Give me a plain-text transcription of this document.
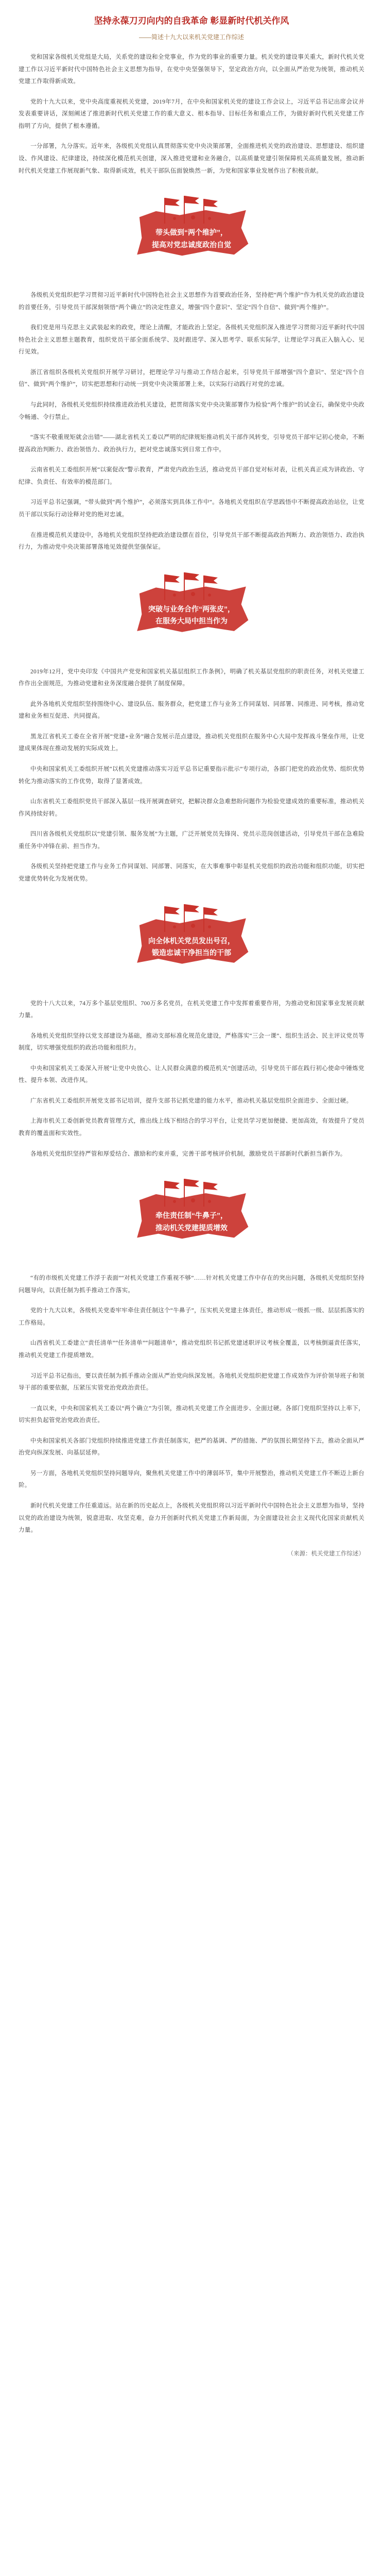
坚持永葆刀刃向内的自我革命 彰显新时代机关作风
——简述十九大以来机关党建工作综述

党和国家各级机关党组是大局，关系党的建设和全党事业，作为党的事业的重要力量。机关党的建设事关重大，新时代机关党建工作以习近平新时代中国特色社会主义思想为指导，在党中央坚强领导下，坚定政治方向，以全面从严治党为统领，推动机关党建工作取得新成效。

党的十九大以来，党中央高度重视机关党建，2019年7月，在中央和国家机关党的建设工作会议上，习近平总书记出席会议并发表重要讲话，深刻阐述了推进新时代机关党建工作的重大意义、根本指导、目标任务和重点工作，为做好新时代机关党建工作指明了方向，提供了根本遵循。

一分部署，九分落实。近年来，各级机关党组认真贯彻落实党中央决策部署，全面推进机关党的政治建设、思想建设、组织建设、作风建设、纪律建设，持续深化模范机关创建，深入推进党建和业务融合，以高质量党建引领保障机关高质量发展，推动新时代机关党建工作展现新气象、取得新成效，机关干部队伍面貌焕然一新，为党和国家事业发展作出了积极贡献。

带头做到“两个维护”，
提高对党忠诚度政治自觉

各级机关党组织把学习贯彻习近平新时代中国特色社会主义思想作为首要政治任务，坚持把“两个维护”作为机关党的政治建设的首要任务，引导党员干部深刻领悟“两个确立”的决定性意义，增强“四个意识”、坚定“四个自信”、做到“两个维护”。

我们党是用马克思主义武装起来的政党，理论上清醒，才能政治上坚定。各级机关党组织深入推进学习贯彻习近平新时代中国特色社会主义思想主题教育，组织党员干部全面系统学、及时跟进学、深入思考学、联系实际学，让理论学习真正入脑入心、见行见效。

浙江省组织各级机关党组织开展学习研讨，把理论学习与推动工作结合起来，引导党员干部增强“四个意识”、坚定“四个自信”、做到“两个维护”，切实把思想和行动统一到党中央决策部署上来，以实际行动践行对党的忠诚。

与此同时，各级机关党组织持续推进政治机关建设，把贯彻落实党中央决策部署作为检验“两个维护”的试金石，确保党中央政令畅通、令行禁止。

“落实不敬重规矩就会出错”——湖北省机关工委以严明的纪律规矩推动机关干部作风转变，引导党员干部牢记初心使命，不断提高政治判断力、政治领悟力、政治执行力，把对党忠诚落实到日常工作中。

云南省机关工委组织开展“以案促改”警示教育，严肃党内政治生活，推动党员干部自觉对标对表，让机关真正成为讲政治、守纪律、负责任、有效率的模范部门。

习近平总书记强调，“带头做到“两个维护”，必须落实到具体工作中”。各地机关党组织在学思践悟中不断提高政治站位，让党员干部以实际行动诠释对党的绝对忠诚。

在推进模范机关建设中，各地机关党组织坚持把政治建设摆在首位，引导党员干部不断提高政治判断力、政治领悟力、政治执行力，为推动党中央决策部署落地见效提供坚强保证。

突破与业务合作“两张皮”，
在服务大局中担当作为

2019年12月，党中央印发《中国共产党党和国家机关基层组织工作条例》，明确了机关基层党组织的职责任务，对机关党建工作作出全面规范，为推动党建和业务深度融合提供了制度保障。

此外各地机关党组织坚持围绕中心、建设队伍、服务群众，把党建工作与业务工作同谋划、同部署、同推进、同考核，推动党建和业务相互促进、共同提高。

黑龙江省机关工委在全省开展“党建+业务”融合发展示范点建设，推动机关党组织在服务中心大局中发挥战斗堡垒作用，让党建成果体现在推动发展的实际成效上。

中央和国家机关工委组织开展“以机关党建推动落实习近平总书记重要指示批示”专项行动，各部门把党的政治优势、组织优势转化为推动落实的工作优势，取得了显著成效。

山东省机关工委组织党员干部深入基层一线开展调查研究，把解决群众急难愁盼问题作为检验党建成效的重要标准，推动机关作风持续好转。

四川省各级机关党组织以“党建引领、服务发展”为主题，广泛开展党员先锋岗、党员示范岗创建活动，引导党员干部在急难险重任务中冲锋在前、担当作为。

各级机关坚持把党建工作与业务工作同谋划、同部署、同落实，在大事难事中彰显机关党组织的政治功能和组织功能，切实把党建优势转化为发展优势。

向全体机关党员发出号召，
锻造忠诚干净担当的干部

党的十八大以来，74万多个基层党组织、700万多名党员，在机关党建工作中发挥着重要作用，为推动党和国家事业发展贡献力量。

各地机关党组织坚持以党支部建设为基础，推动支部标准化规范化建设，严格落实“三会一课”、组织生活会、民主评议党员等制度，切实增强党组织的政治功能和组织力。

中央和国家机关工委深入开展“让党中央放心、让人民群众满意的模范机关”创建活动，引导党员干部在践行初心使命中锤炼党性、提升本领、改进作风。

广东省机关工委组织开展党支部书记培训，提升支部书记抓党建的能力水平，推动机关基层党组织全面进步、全面过硬。

上海市机关工委创新党员教育管理方式，推出线上线下相结合的学习平台，让党员学习更加便捷、更加高效，有效提升了党员教育的覆盖面和实效性。

各地机关党组织坚持严管和厚爱结合、激励和约束并重，完善干部考核评价机制，激励党员干部新时代新担当新作为。

牵住责任制“牛鼻子”，
推动机关党建提质增效

“有的市级机关党建工作浮于表面”“对机关党建工作重视不够”……针对机关党建工作中存在的突出问题，各级机关党组织坚持问题导向，以责任制为抓手推动工作落实。

党的十九大以来，各级机关党委牢牢牵住责任制这个“牛鼻子”，压实机关党建主体责任，推动形成一级抓一级、层层抓落实的工作格局。

山西省机关工委建立“责任清单”“任务清单”“问题清单”，推动党组织书记抓党建述职评议考核全覆盖，以考核倒逼责任落实，推动机关党建工作提质增效。

习近平总书记指出，要以责任制为抓手推动全面从严治党向纵深发展。各地机关党组织把党建工作成效作为评价领导班子和领导干部的重要依据，压紧压实管党治党政治责任。

一直以来，中央和国家机关工委以“两个确立”为引领，推动机关党建工作全面进步、全面过硬。各部门党组织坚持以上率下，切实担负起管党治党政治责任。

中央和国家机关各部门党组织持续推进党建工作责任制落实，把严的基调、严的措施、严的氛围长期坚持下去，推动全面从严治党向纵深发展、向基层延伸。

另一方面，各地机关党组织坚持问题导向，聚焦机关党建工作中的薄弱环节，集中开展整治，推动机关党建工作不断迈上新台阶。

新时代机关党建工作任重道远。站在新的历史起点上，各级机关党组织将以习近平新时代中国特色社会主义思想为指导，坚持以党的政治建设为统领，锐意进取、攻坚克难，奋力开创新时代机关党建工作新局面，为全面建设社会主义现代化国家贡献机关力量。

（来源：机关党建工作综述）
